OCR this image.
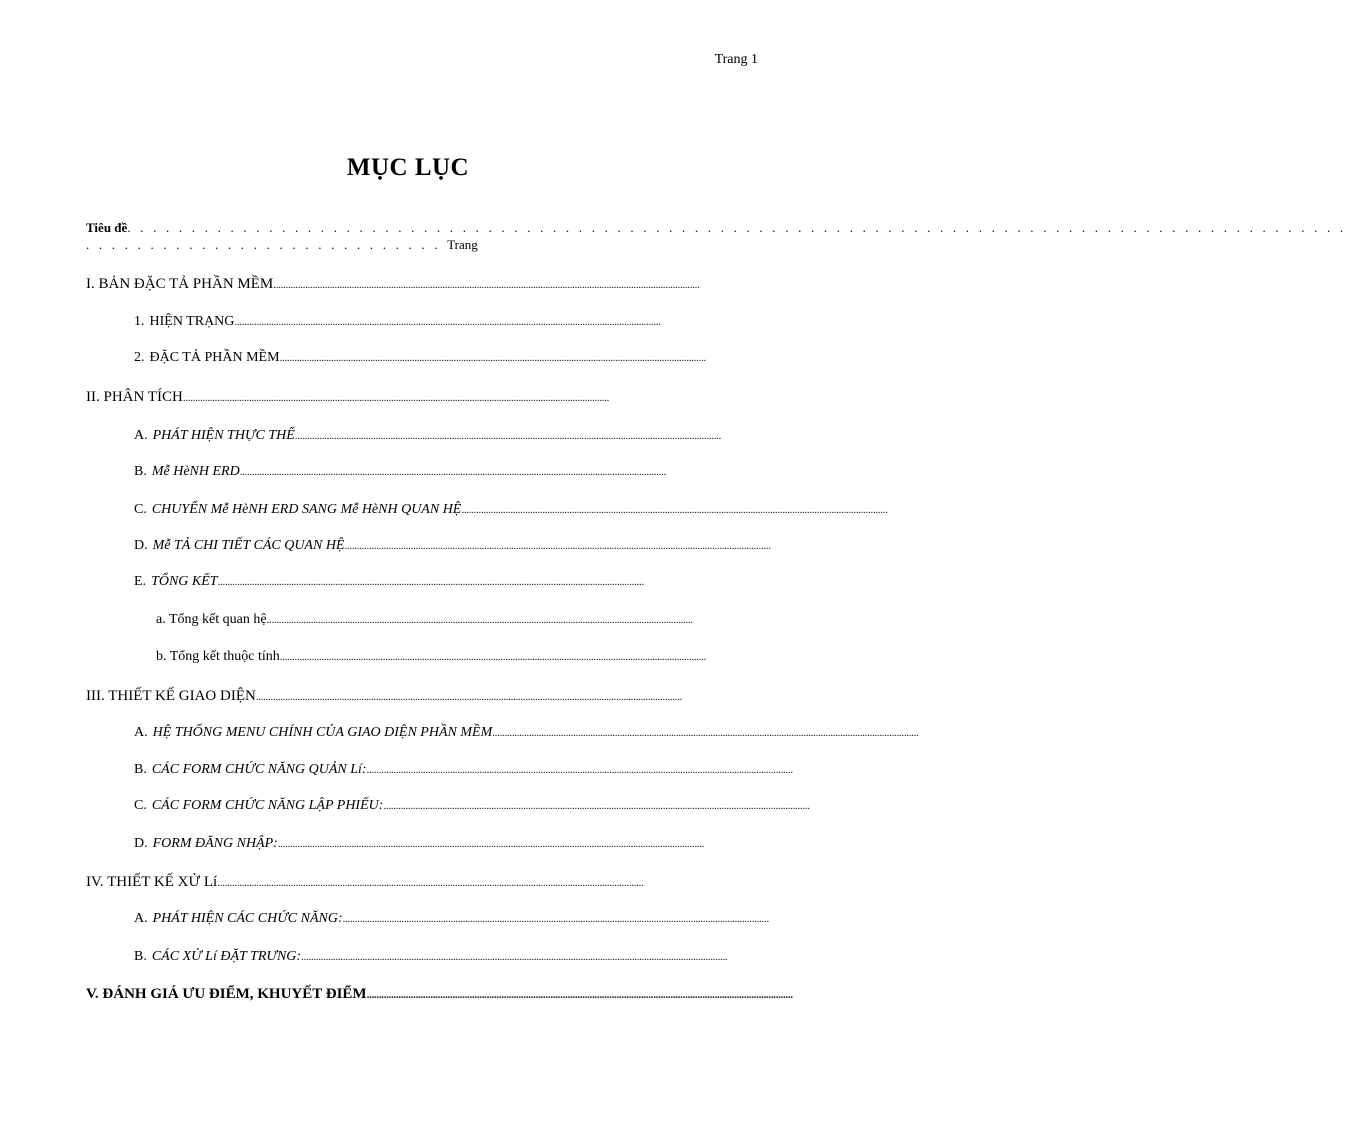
Trang 1
MỤC LỤC
Tiêu đề. . . . . . . . . . . . . . . . . . . . . . . . . . . . . . . . . . . . . . . . . . . . . . . . . . . . . . . . . . . . . . . . . . . . . . . . . . . . . . . . . . . . . . . . . . . . . . .
. . . . . . . . . . . . . . . . . . . . . . . . . . . . Trang
I. BẢN ĐẶC TẢ PHẦN MỀM ..............................................................................................................................................................................
1. HIỆN TRẠNG ..............................................................................................................................................................................
2. ĐẶC TẢ PHẦN MỀM ..............................................................................................................................................................................
II. PHÂN TÍCH ..............................................................................................................................................................................
A. PHÁT HIỆN THỰC THỂ ..............................................................................................................................................................................
B. Mễ HèNH ERD ..............................................................................................................................................................................
C. CHUYỂN Mễ HèNH ERD SANG Mễ HèNH QUAN HỆ ..............................................................................................................................................................................
D. Mễ TẢ CHI TIẾT CÁC QUAN HỆ ..............................................................................................................................................................................
E. TỔNG KẾT ..............................................................................................................................................................................
a. Tổng kết quan hệ ..............................................................................................................................................................................
b. Tổng kết thuộc tính ..............................................................................................................................................................................
III. THIẾT KẾ GIAO DIỆN ..............................................................................................................................................................................
A. HỆ THỐNG MENU CHÍNH CỦA GIAO DIỆN PHẦN MỀM ..............................................................................................................................................................................
B. CÁC FORM CHỨC NĂNG QUẢN Lí: ..............................................................................................................................................................................
C. CÁC FORM CHỨC NĂNG LẬP PHIẾU: ..............................................................................................................................................................................
D. FORM ĐĂNG NHẬP: ..............................................................................................................................................................................
IV. THIẾT KẾ XỬ Lí ..............................................................................................................................................................................
A. PHÁT HIỆN CÁC CHỨC NĂNG: ..............................................................................................................................................................................
B. CÁC XỬ Lí ĐẶT TRƯNG: ..............................................................................................................................................................................
V. ĐÁNH GIÁ ƯU ĐIỂM, KHUYẾT ĐIỂM ..............................................................................................................................................................................
